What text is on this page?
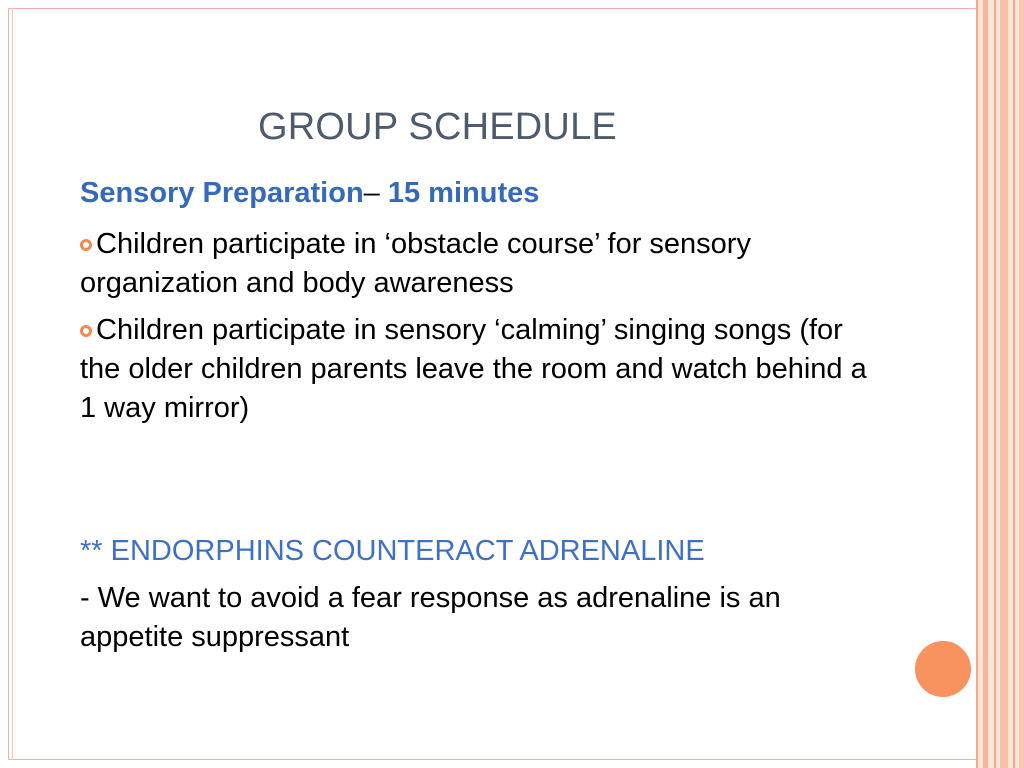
GROUP SCHEDULE
Sensory Preparation– 15 minutes
Children participate in ‘obstacle course’ for sensory organization and body awareness
Children participate in sensory ‘calming’ singing songs (for the older children parents leave the room and watch behind a 1 way mirror)
** ENDORPHINS COUNTERACT ADRENALINE
- We want to avoid a fear response as adrenaline is an appetite suppressant
